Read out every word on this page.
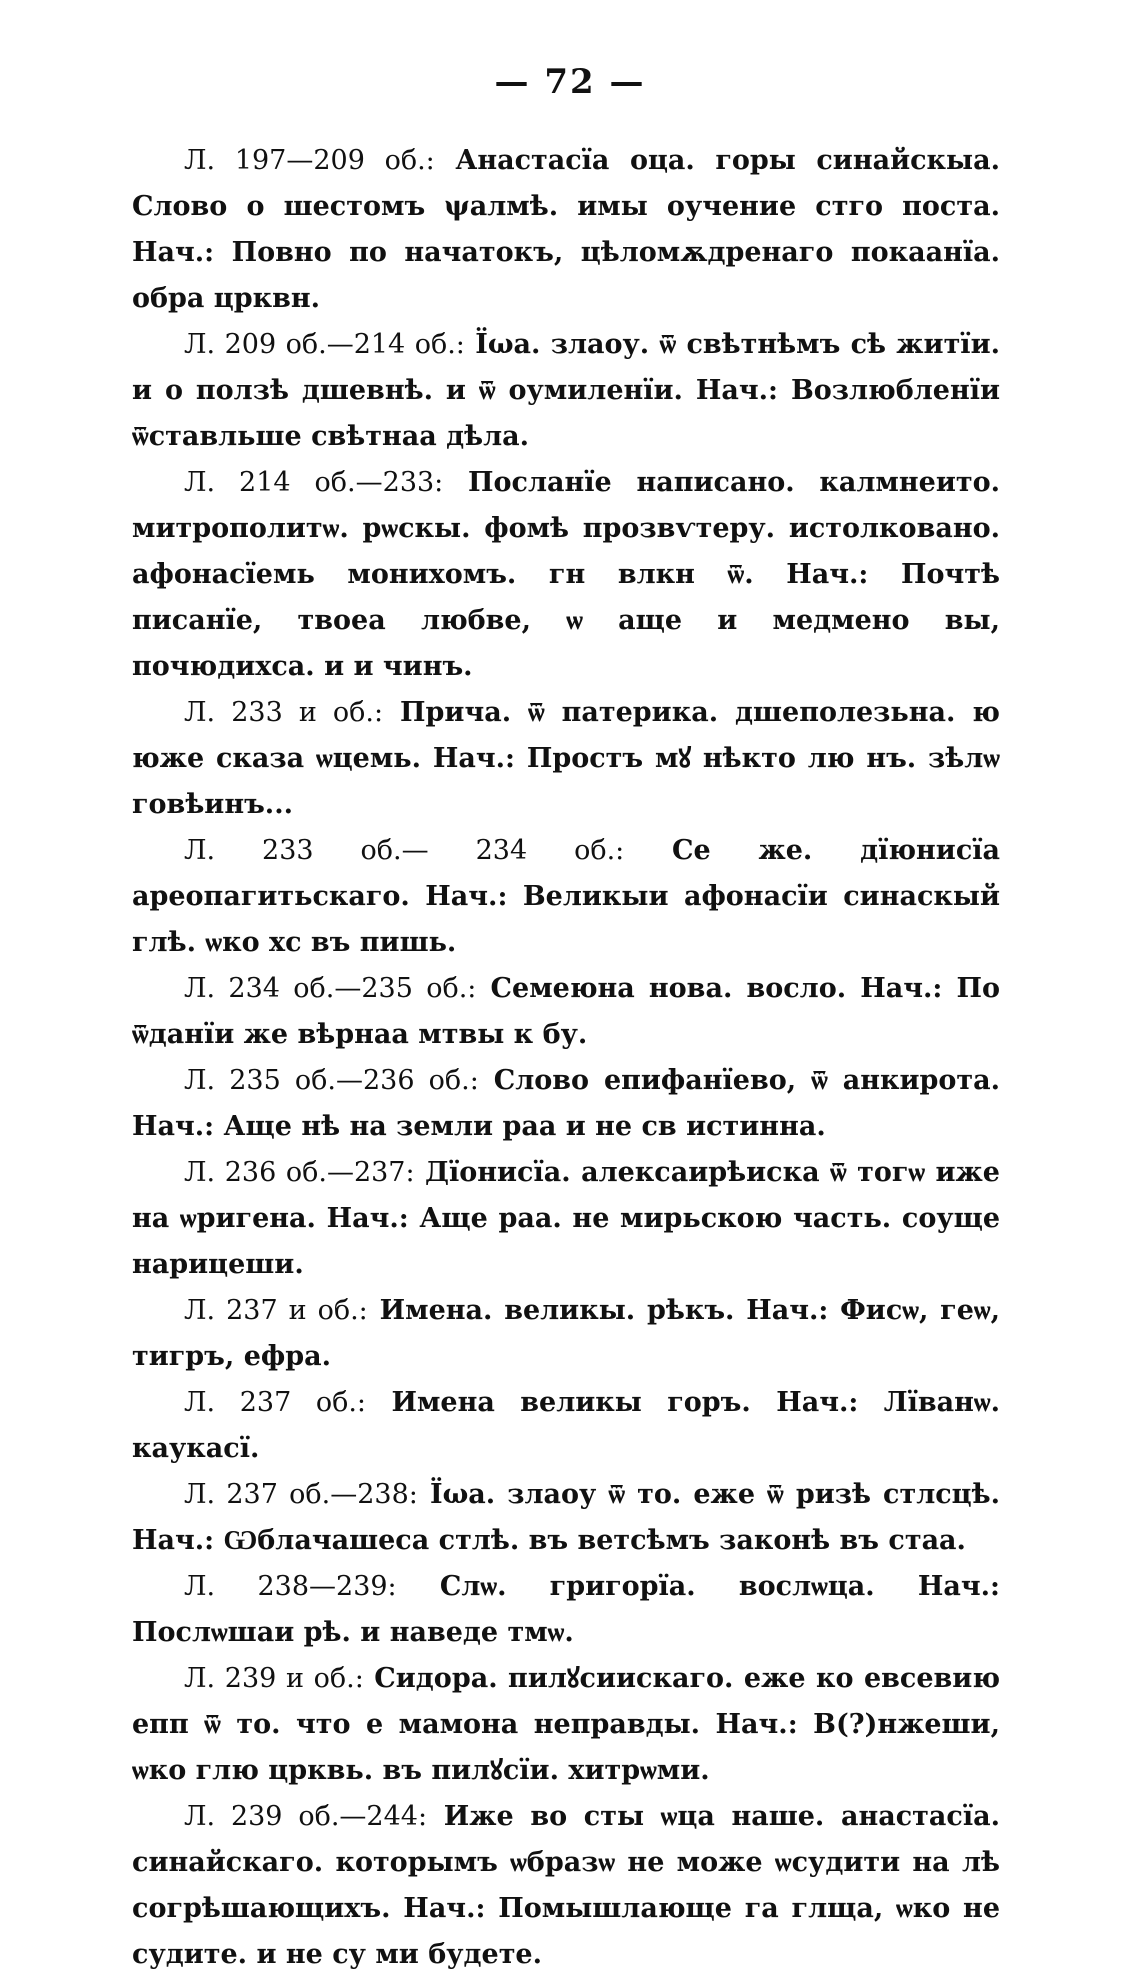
— 72 —

Л. 197—209 об.: Анастасїа оца. горы синайскыа. Слово о шестомъ ψалмѣ. имы оучение стго поста. Нач.: Повно по начатокъ, цѣломѫдренаго покаанїа. обра црквн.

Л. 209 об.—214 об.: Їωа. злаоу. ѿ свѣтнѣмъ сѣ житїи. и о ползѣ дшевнѣ. и ѿ оумиленїи. Нач.: Возлюбленїи ѿставльше свѣтнаа дѣла.

Л. 214 об.—233: Посланїе написано. калмнеито. митрополитѡ. рѡскы. фомѣ прозвѵтеру. истолковано. афонасїемь монихомъ. гн влкн ѿ. Нач.: Почтѣ писанїе, твоеа любве, ѡ аще и медмено вы, почюдихса. и и чинъ.

Л. 233 и об.: Прича. ѿ патерика. дшеполезьна. ю юже сказа ѡцемь. Нач.: Простъ мꙋ нѣкто лю нъ. зѣлѡ говѣинъ...

Л. 233 об.— 234 об.: Се же. дїюнисїа ареопагитьскаго. Нач.: Великыи афонасїи синаскый глѣ. ѡко хс въ пишь.

Л. 234 об.—235 об.: Семеюна нова. восло. Нач.: По ѿданїи же вѣрнаа мтвы к бу.

Л. 235 об.—236 об.: Слово епифанїево, ѿ анкирота. Нач.: Аще нѣ на земли раа и не св истинна.

Л. 236 об.—237: Дїонисїа. алексаирѣиска ѿ тогѡ иже на ѡригена. Нач.: Аще раа. не мирьскою часть. соуще нарицеши.

Л. 237 и об.: Имена. великы. рѣкъ. Нач.: Фисѡ, геѡ, тигръ, ефра.

Л. 237 об.: Имена великы горъ. Нач.: Лїванѡ. каукасї.

Л. 237 об.—238: Їωа. злаоу ѿ то. еже ѿ ризѣ стлсцѣ. Нач.: Ѡблачашеса стлѣ. въ ветсѣмъ законѣ въ стаа.

Л. 238—239: Слѡ. григорїа. вослѡца. Нач.: Послѡшаи рѣ. и наведе тмѡ.

Л. 239 и об.: Сидора. пилꙋсиискаго. еже ко евсевию епп ѿ то. что е мамона неправды. Нач.: В(?)нжеши, ѡко глю црквь. въ пилꙋсїи. хитрѡми.

Л. 239 об.—244: Иже во сты ѡца наше. анастасїа. синайскаго. которымъ ѡбразѡ не може ѡсудити на лѣ согрѣшающихъ. Нач.: Помышлающе га глща, ѡко не судите. и не су ми будете.
